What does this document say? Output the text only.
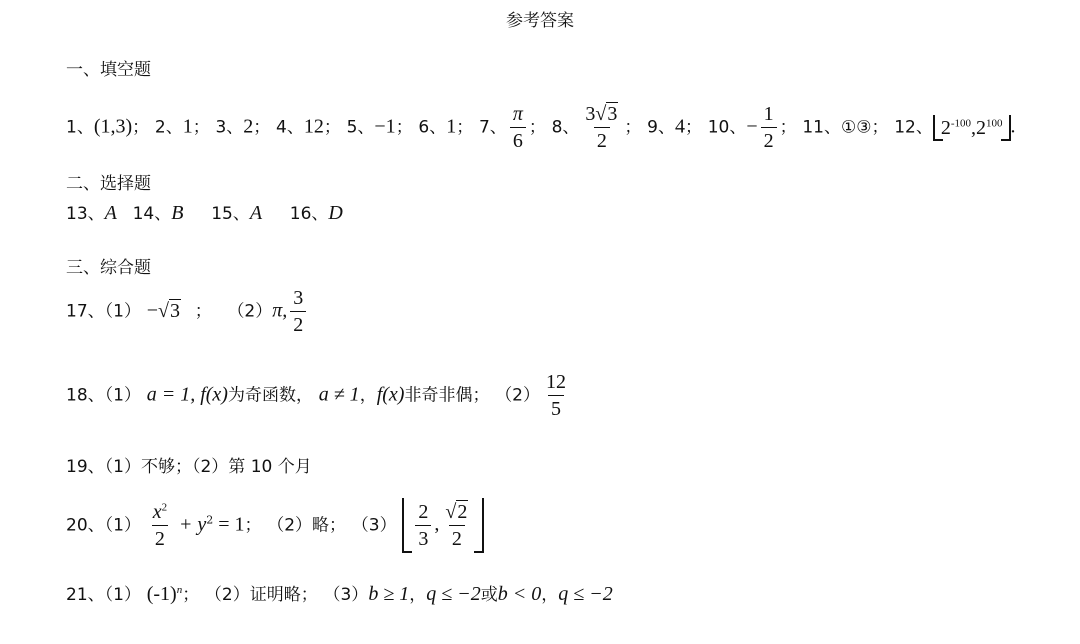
参考答案
一、填空题
1、(1,3)； 2、1； 3、2； 4、12； 5、−1； 6、1； 7、 $\frac{\pi}{6}$ ； 8、 $\frac{3√3}{2}$ ； 9、4； 10、− $\frac{1}{2}$ ； 11、①③； 12、 $2^{-100},2^{100}$ .
二、选择题
13、A 14、B 15、A 16、D
三、综合题
17、（1） −√3 ； （2）π, $\frac{3}{2}$
18、（1） a = 1, f(x)为奇函数， a ≠ 1，f(x)非奇非偶； $(2) \frac{12}{5}$
19、（1）不够；（2）第 10 个月
20、$(1) \frac{x^2}{2} + y^2 = 1$； （2）略； $(3) \frac{2}{3}$ , $\frac{√2}{2}$
21、（1） $(-1)^n$； （2）证明略； （3）b ≥ 1，q ≤ −2或b < 0，q ≤ −2
